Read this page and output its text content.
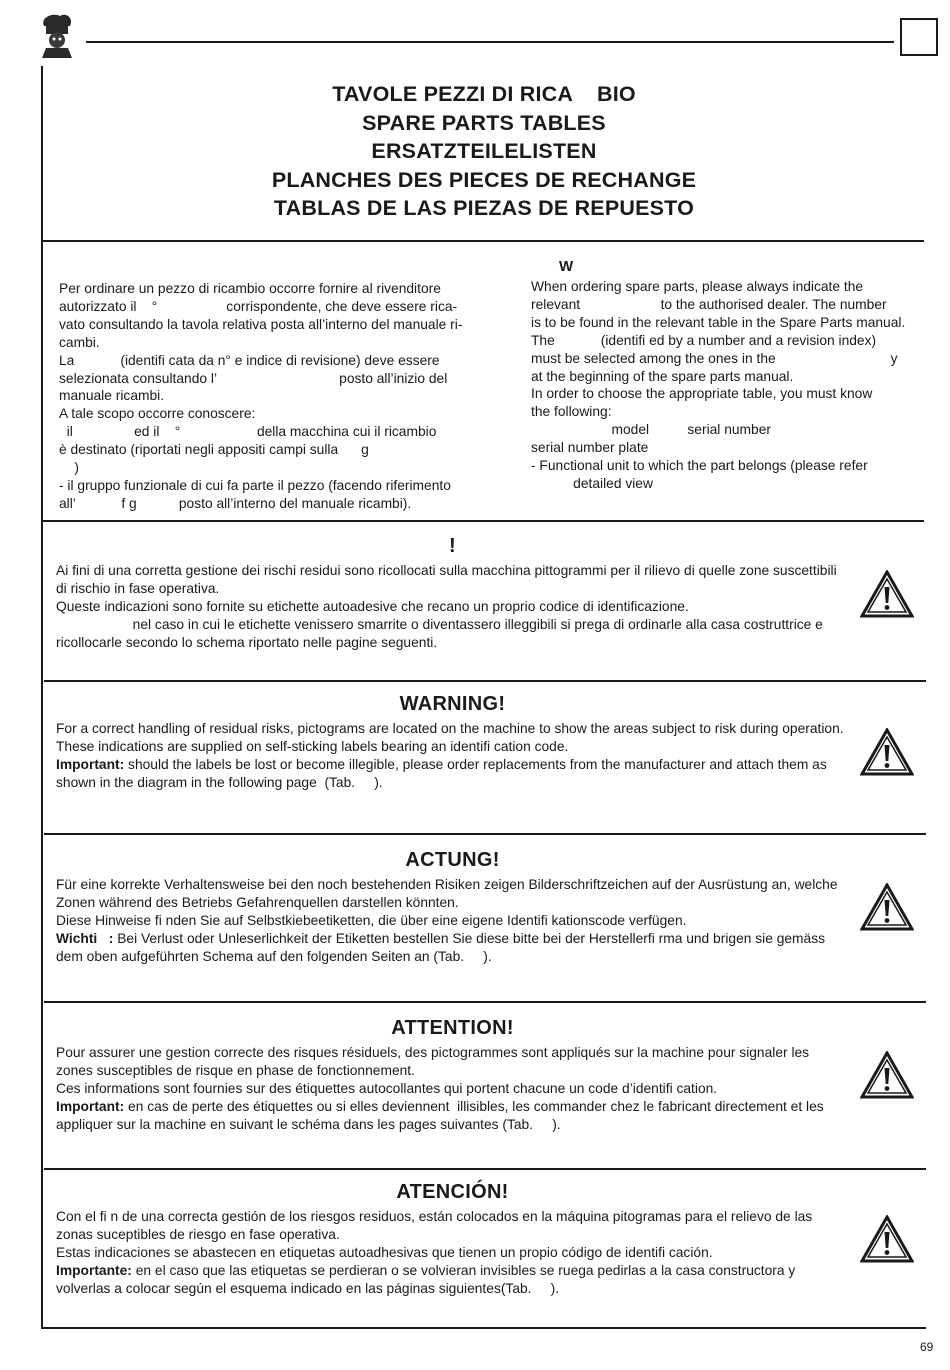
TAVOLE PEZZI DI RICA    BIO
SPARE PARTS TABLES
ERSATZTEILELISTEN
PLANCHES DES PIECES DE RECHANGE
TABLAS DE LAS PIEZAS DE REPUESTO

Per ordinare un pezzo di ricambio occorre fornire al rivenditore

autorizzato il    °                  corrispondente, che deve essere rica-

vato consultando la tavola relativa posta all’interno del manuale ri-

cambi.

La            (identifi cata da n° e indice di revisione) deve essere

selezionata consultando l’                                posto all’inizio del

manuale ricambi.

A tale scopo occorre conoscere:

il                ed il    °                    della macchina cui il ricambio

è destinato (riportati negli appositi campi sulla      g

)

- il gruppo funzionale di cui fa parte il pezzo (facendo riferimento

all’            f g           posto all’interno del manuale ricambi).

W

When ordering spare parts, please always indicate the

relevant                     to the authorised dealer. The number

is to be found in the relevant table in the Spare Parts manual.

The            (identifi ed by a number and a revision index)

must be selected among the ones in the                              y

at the beginning of the spare parts manual.

In order to choose the appropriate table, you must know

the following:

model          serial number

serial number plate

- Functional unit to which the part belongs (please refer

detailed view

!

Ai fini di una corretta gestione dei rischi residui sono ricollocati sulla macchina pittogrammi per il rilievo di quelle zone suscettibili di rischio in fase operativa.

Queste indicazioni sono fornite su etichette autoadesive che recano un proprio codice di identificazione.

nel caso in cui le etichette venissero smarrite o diventassero illeggibili si prega di ordinarle alla casa costruttrice e ricollocarle secondo lo schema riportato nelle pagine seguenti.

WARNING!

For a correct handling of residual risks, pictograms are located on the machine to show the areas subject to risk during operation.

These indications are supplied on self-sticking labels bearing an identifi cation code.

Important: should the labels be lost or become illegible, please order replacements from the manufacturer and attach them as shown in the diagram in the following page  (Tab.     ).

ACTUNG!

Für eine korrekte Verhaltensweise bei den noch bestehenden Risiken zeigen Bilderschriftzeichen auf der Ausrüstung an, welche Zonen während des Betriebs Gefahrenquellen darstellen könnten.

Diese Hinweise fi nden Sie auf Selbstkiebeetiketten, die über eine eigene Identifi kationscode verfügen.

Wichti   : Bei Verlust oder Unleserlichkeit der Etiketten bestellen Sie diese bitte bei der Herstellerfi rma und brigen sie gemäss dem oben aufgeführten Schema auf den folgenden Seiten an (Tab.     ).

ATTENTION!

Pour assurer une gestion correcte des risques résiduels, des pictogrammes sont appliqués sur la machine pour signaler les zones susceptibles de risque en phase de fonctionnement.

Ces informations sont fournies sur des étiquettes autocollantes qui portent chacune un code d’identifi cation.

Important: en cas de perte des étiquettes ou si elles deviennent  illisibles, les commander chez le fabricant directement et les appliquer sur la machine en suivant le schéma dans les pages suivantes (Tab.     ).

ATENCIÓN!

Con el fi n de una correcta gestión de los riesgos residuos, están colocados en la máquina pitogramas para el relievo de las zonas suceptibles de riesgo en fase operativa.

Estas indicaciones se abastecen en etiquetas autoadhesivas que tienen un propio código de identifi cación.

Importante: en el caso que las etiquetas se perdieran o se volvieran invisibles se ruega pedirlas a la casa constructora y volverlas a colocar según el esquema indicado en las páginas siguientes(Tab.     ).

69
